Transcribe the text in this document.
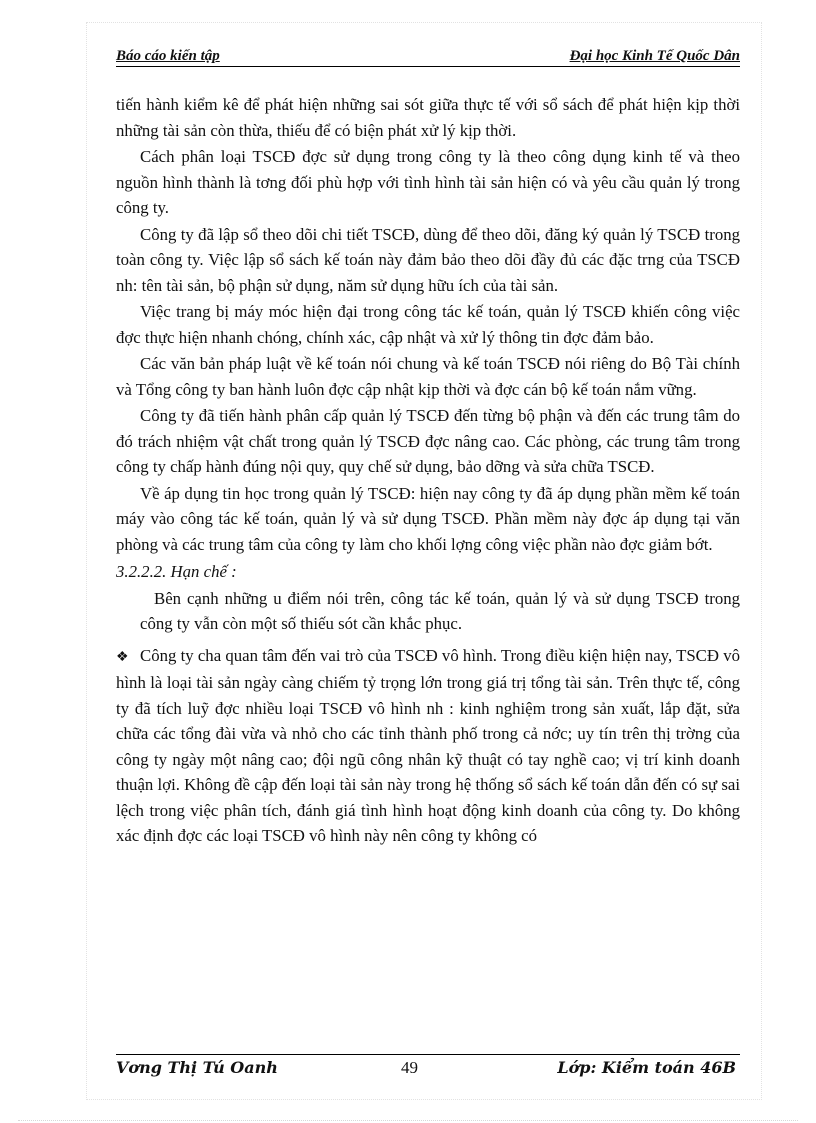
Báo cáo kiến tập	Đại học Kinh Tế Quốc Dân

tiến hành kiểm kê để phát hiện những sai sót giữa thực tế với sổ sách để phát hiện kịp thời những tài sản còn thừa, thiếu để có biện phát xử lý kịp thời.

Cách phân loại TSCĐ đợc sử dụng trong công ty là theo công dụng kinh tế và theo nguồn hình thành là tơng đối phù hợp với tình hình tài sản hiện có và yêu cầu quản lý trong công ty.

Công ty đã lập sổ theo dõi chi tiết TSCĐ, dùng để theo dõi, đăng ký quản lý TSCĐ trong toàn công ty. Việc lập sổ sách kế toán này đảm bảo theo dõi đầy đủ các đặc trng của TSCĐ nh: tên tài sản, bộ phận sử dụng, năm sử dụng hữu ích của tài sản.

Việc trang bị máy móc hiện đại trong công tác kế toán, quản lý TSCĐ khiến công việc đợc thực hiện nhanh chóng, chính xác, cập nhật và xử lý thông tin đợc đảm bảo.

Các văn bản pháp luật về kế toán nói chung và kế toán TSCĐ nói riêng do Bộ Tài chính và Tổng công ty ban hành luôn đợc cập nhật kịp thời và đợc cán bộ kế toán nắm vững.

Công ty đã tiến hành phân cấp quản lý TSCĐ đến từng bộ phận và đến các trung tâm do đó trách nhiệm vật chất trong quản lý TSCĐ đợc nâng cao. Các phòng, các trung tâm trong công ty chấp hành đúng nội quy, quy chế sử dụng, bảo dỡng và sửa chữa TSCĐ.

Về áp dụng tin học trong quản lý TSCĐ: hiện nay công ty đã áp dụng phần mềm kế toán máy vào công tác kế toán, quản lý và sử dụng TSCĐ. Phần mềm này đợc áp dụng tại văn phòng và các trung tâm của công ty làm cho khối lợng công việc phần nào đợc giảm bớt.

3.2.2.2. Hạn chế :

Bên cạnh những u điểm nói trên, công tác kế toán, quản lý và sử dụng TSCĐ trong công ty vẫn còn một số thiếu sót cần khắc phục.

❖ Công ty cha quan tâm đến vai trò của TSCĐ vô hình. Trong điều kiện hiện nay, TSCĐ vô hình là loại tài sản ngày càng chiếm tỷ trọng lớn trong giá trị tổng tài sản. Trên thực tế, công ty đã tích luỹ đợc nhiều loại TSCĐ vô hình nh : kinh nghiệm trong sản xuất, lắp đặt, sửa chữa các tổng đài vừa và nhỏ cho các tỉnh thành phố trong cả nớc; uy tín trên thị trờng của công ty ngày một nâng cao; đội ngũ công nhân kỹ thuật có tay nghề cao; vị trí kinh doanh thuận lợi. Không đề cập đến loại tài sản này trong hệ thống sổ sách kế toán dẫn đến có sự sai lệch trong việc phân tích, đánh giá tình hình hoạt động kinh doanh của công ty. Do không xác định đợc các loại TSCĐ vô hình này nên công ty không có

Vơng Thị Tú Oanh	49	Lớp: Kiểm toán 46B
